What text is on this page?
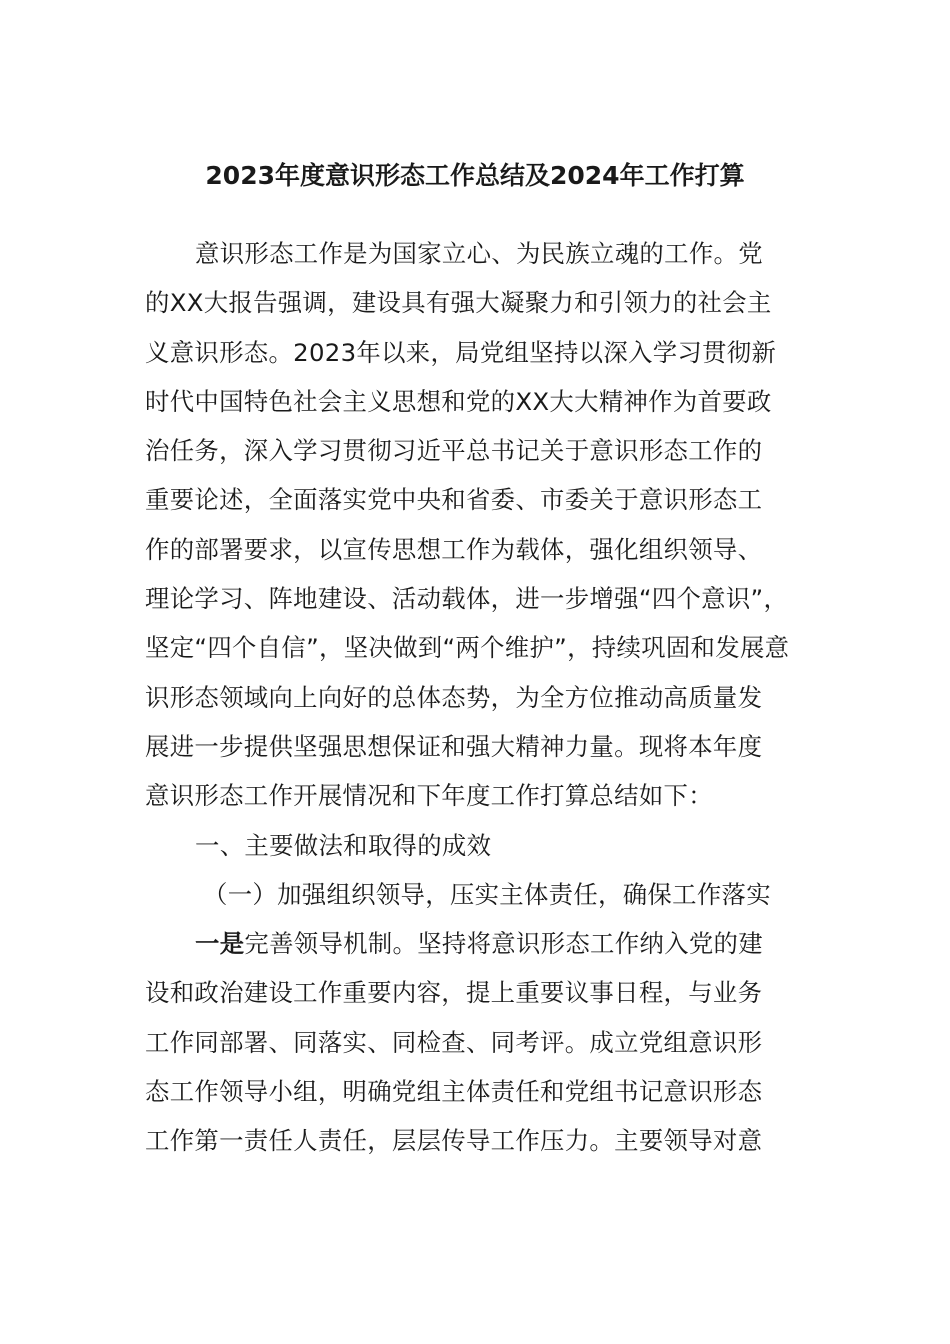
2023年度意识形态工作总结及2024年工作打算
意识形态工作是为国家立心、为民族立魂的工作。党
的XX大报告强调，建设具有强大凝聚力和引领力的社会主
义意识形态。2023年以来，局党组坚持以深入学习贯彻新
时代中国特色社会主义思想和党的XX大大精神作为首要政
治任务，深入学习贯彻习近平总书记关于意识形态工作的
重要论述，全面落实党中央和省委、市委关于意识形态工
作的部署要求，以宣传思想工作为载体，强化组织领导、
理论学习、阵地建设、活动载体，进一步增强“四个意识”，
坚定“四个自信”，坚决做到“两个维护”，持续巩固和发展意
识形态领域向上向好的总体态势，为全方位推动高质量发
展进一步提供坚强思想保证和强大精神力量。现将本年度
意识形态工作开展情况和下年度工作打算总结如下：
一、主要做法和取得的成效
（一）加强组织领导，压实主体责任，确保工作落实
一是完善领导机制。坚持将意识形态工作纳入党的建
设和政治建设工作重要内容，提上重要议事日程，与业务
工作同部署、同落实、同检查、同考评。成立党组意识形
态工作领导小组，明确党组主体责任和党组书记意识形态
工作第一责任人责任，层层传导工作压力。主要领导对意
